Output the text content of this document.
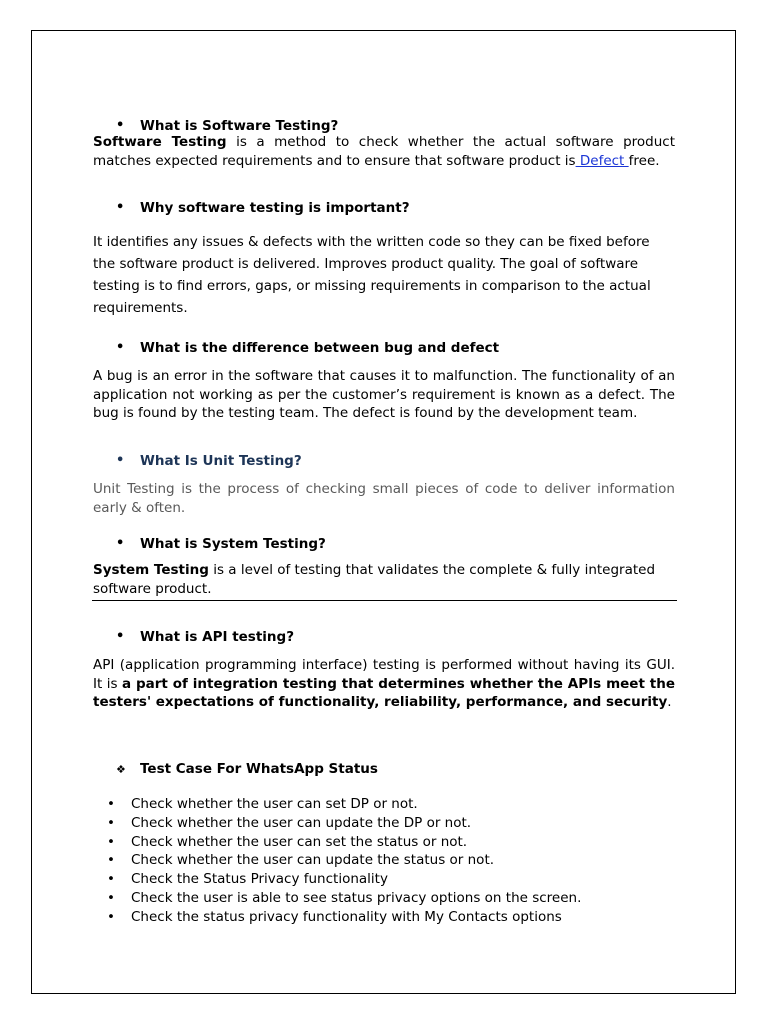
• What is Software Testing?

Software Testing is a method to check whether the actual software product matches expected requirements and to ensure that software product is Defect free.

• Why software testing is important?

It identifies any issues & defects with the written code so they can be fixed before the software product is delivered. Improves product quality. The goal of software testing is to find errors, gaps, or missing requirements in comparison to the actual requirements.

• What is the difference between bug and defect

A bug is an error in the software that causes it to malfunction. The functionality of an application not working as per the customer’s requirement is known as a defect. The bug is found by the testing team. The defect is found by the development team.

• What Is Unit Testing?

Unit Testing is the process of checking small pieces of code to deliver information early & often.

• What is System Testing?

System Testing is a level of testing that validates the complete & fully integrated software product.

• What is API testing?

API (application programming interface) testing is performed without having its GUI. It is a part of integration testing that determines whether the APIs meet the testers' expectations of functionality, reliability, performance, and security.

❖ Test Case For WhatsApp Status
• Check whether the user can set DP or not.
• Check whether the user can update the DP or not.
• Check whether the user can set the status or not.
• Check whether the user can update the status or not.
• Check the Status Privacy functionality
• Check the user is able to see status privacy options on the screen.
• Check the status privacy functionality with My Contacts options
